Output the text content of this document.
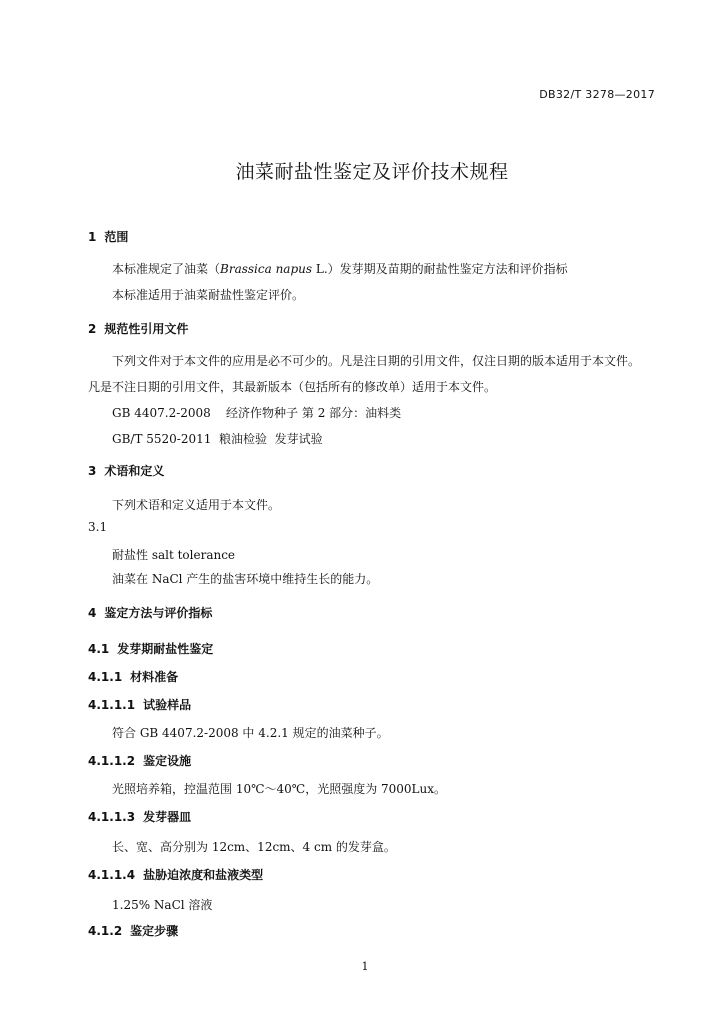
DB32/T 3278—2017
油菜耐盐性鉴定及评价技术规程
1 范围
本标准规定了油菜（Brassica napus L.）发芽期及苗期的耐盐性鉴定方法和评价指标
本标准适用于油菜耐盐性鉴定评价。
2 规范性引用文件
下列文件对于本文件的应用是必不可少的。凡是注日期的引用文件，仅注日期的版本适用于本文件。
凡是不注日期的引用文件，其最新版本（包括所有的修改单）适用于本文件。
GB 4407.2-2008    经济作物种子 第 2 部分：油料类
GB/T 5520-2011  粮油检验  发芽试验
3 术语和定义
下列术语和定义适用于本文件。
3.1
耐盐性 salt tolerance
油菜在 NaCl 产生的盐害环境中维持生长的能力。
4 鉴定方法与评价指标
4.1 发芽期耐盐性鉴定
4.1.1 材料准备
4.1.1.1 试验样品
符合 GB 4407.2-2008 中 4.2.1 规定的油菜种子。
4.1.1.2 鉴定设施
光照培养箱，控温范围 10℃～40℃，光照强度为 7000Lux。
4.1.1.3 发芽器皿
长、宽、高分别为 12cm、12cm、4 cm 的发芽盒。
4.1.1.4 盐胁迫浓度和盐液类型
1.25% NaCl 溶液
4.1.2 鉴定步骤
1
